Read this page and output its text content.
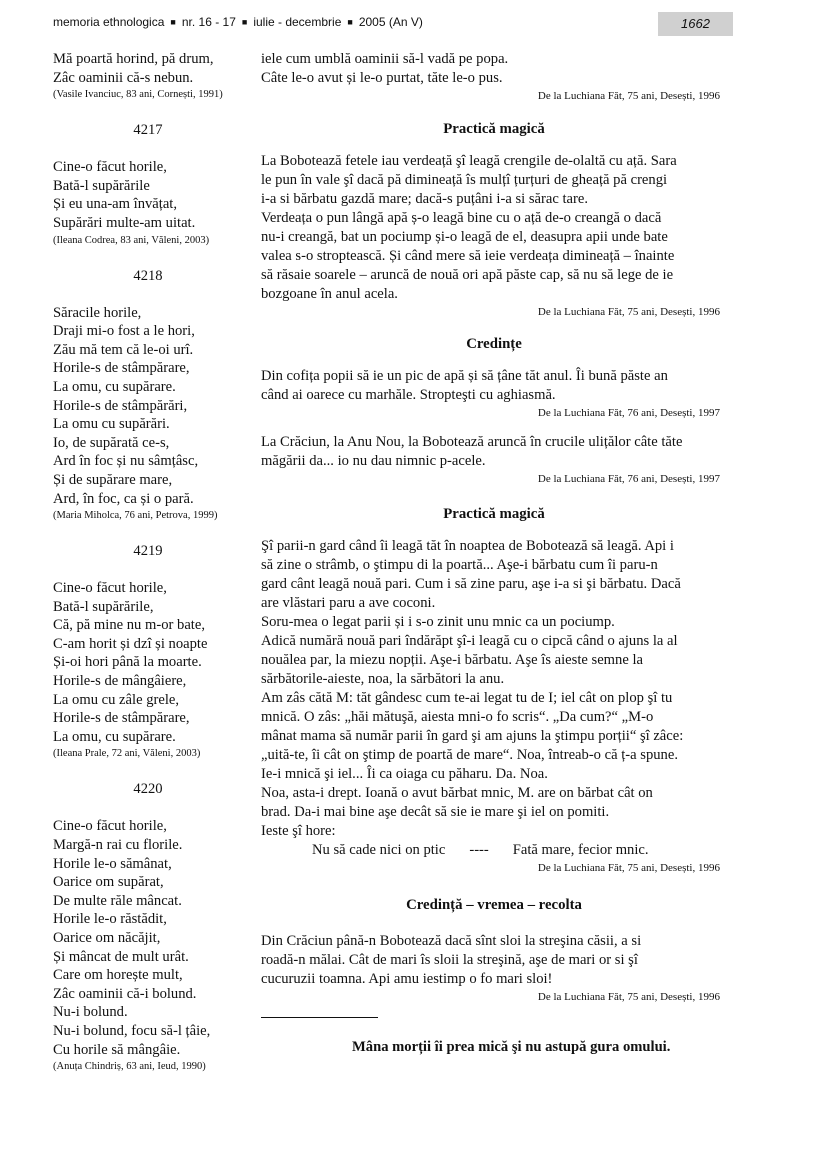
memoria ethnologica ■ nr. 16 - 17 ■ iulie - decembrie ■ 2005 (An V)	1662
Mă poartă horind, pă drum,
Zâc oaminii că-s nebun.
(Vasile Ivanciuc, 83 ani, Cornești, 1991)
4217
Cine-o făcut horile,
Bată-l supărările
Și eu una-am învățat,
Supărări multe-am uitat.
(Ileana Codrea, 83 ani, Văleni, 2003)
4218
Săracile horile,
Draji mi-o fost a le hori,
Zău mă tem că le-oi urî.
Horile-s de stâmpărare,
La omu, cu supărare.
Horile-s de stâmpărări,
La omu cu supărări.
Io, de supărată ce-s,
Ard în foc și nu sâmțâsc,
Și de supărare mare,
Ard, în foc, ca și o pară.
(Maria Miholca, 76 ani, Petrova, 1999)
4219
Cine-o făcut horile,
Bată-l supărările,
Că, pă mine nu m-or bate,
C-am horit și dzî și noapte
Și-oi hori până la moarte.
Horile-s de mângâiere,
La omu cu zâle grele,
Horile-s de stâmpărare,
La omu, cu supărare.
(Ileana Prale, 72 ani, Văleni, 2003)
4220
Cine-o făcut horile,
Margă-n rai cu florile.
Horile le-o sămânat,
Oarice om supărat,
De multe răle mâncat.
Horile le-o răstădit,
Oarice om năcăjit,
Și mâncat de mult urât.
Care om horește mult,
Zâc oaminii că-i bolund.
Nu-i bolund.
Nu-i bolund, focu să-l țâie,
Cu horile să mângâie.
(Anuța Chindriș, 63 ani, Ieud, 1990)
iele cum umblă oaminii să-l vadă pe popa.
Câte le-o avut și le-o purtat, tăte le-o pus.
De la Luchiana Făt, 75 ani, Desești, 1996
Practică magică
La Bobotează fetele iau verdeață şî leagă crengile de-olaltă cu ață. Sara
le pun în vale şî dacă pă dimineață îs mulțî țurțuri de gheață pă crengi
i-a si bărbatu gazdă mare; dacă-s puțâni i-a si sărac tare.
Verdeața o pun lângă apă ș-o leagă bine cu o ață de-o creangă o dacă
nu-i creangă, bat un pociump și-o leagă de el, deasupra apii unde bate
valea s-o stroptească. Și când mere să ieie verdeața dimineață – înainte
să răsaie soarele – aruncă de nouă ori apă păste cap, să nu să lege de ie
bozgoane în anul acela.
De la Luchiana Făt, 75 ani, Desești, 1996
Credințe
Din cofița popii să ie un pic de apă și să țâne tăt anul. Îi bună păste an
când ai oarece cu marhăle. Stropteşti cu aghiasmă.
De la Luchiana Făt, 76 ani, Desești, 1997
La Crăciun, la Anu Nou, la Bobotează aruncă în crucile ulițălor câte tăte
măgării da... io nu dau nimnic p-acele.
De la Luchiana Făt, 76 ani, Desești, 1997
Practică magică
Şî parii-n gard când îi leagă tăt în noaptea de Bobotează să leagă. Api i
să zine o strâmb, o ştimpu di la poartă... Aşe-i bărbatu cum îi paru-n
gard cânt leagă nouă pari. Cum i să zine paru, aşe i-a si şi bărbatu. Dacă
are vlăstari paru a ave coconi.
Soru-mea o legat parii și i s-o zinit unu mnic ca un pociump.
Adică numără nouă pari îndărăpt şî-i leagă cu o cipcă când o ajuns la al
nouălea par, la miezu nopții. Aşe-i bărbatu. Aşe îs aieste semne la
sărbătorile-aieste, noa, la sărbători la anu.
Am zâs cătă M: tăt gândesc cum te-ai legat tu de I; iel cât on plop şî tu
mnică. O zâs: „hăi mătuşă, aiesta mni-o fo scris“. „Da cum?“ „M-o
mânat mama să număr parii în gard şi am ajuns la ştimpu porții“ şî zâce:
„uită-te, îi cât on ştimp de poartă de mare“. Noa, întreab-o că ț-a spune.
Ie-i mnică şi iel... Îi ca oiaga cu păharu. Da. Noa.
Noa, asta-i drept. Ioană o avut bărbat mnic, M. are on bărbat cât on
brad. Da-i mai bine aşe decât să sie ie mare şi iel on pomiti.
Ieste şî hore:
Nu să cade nici on ptic ---- Fată mare, fecior mnic.
De la Luchiana Făt, 75 ani, Desești, 1996
Credință – vremea – recolta
Din Crăciun până-n Bobotează dacă sînt sloi la streşina căsii, a si
roadă-n mălai. Cât de mari îs sloii la streşină, aşe de mari or si şî
cucuruzii toamna. Api amu iestimp o fo mari sloi!
De la Luchiana Făt, 75 ani, Desești, 1996
Mâna morții îi prea mică şi nu astupă gura omului.
